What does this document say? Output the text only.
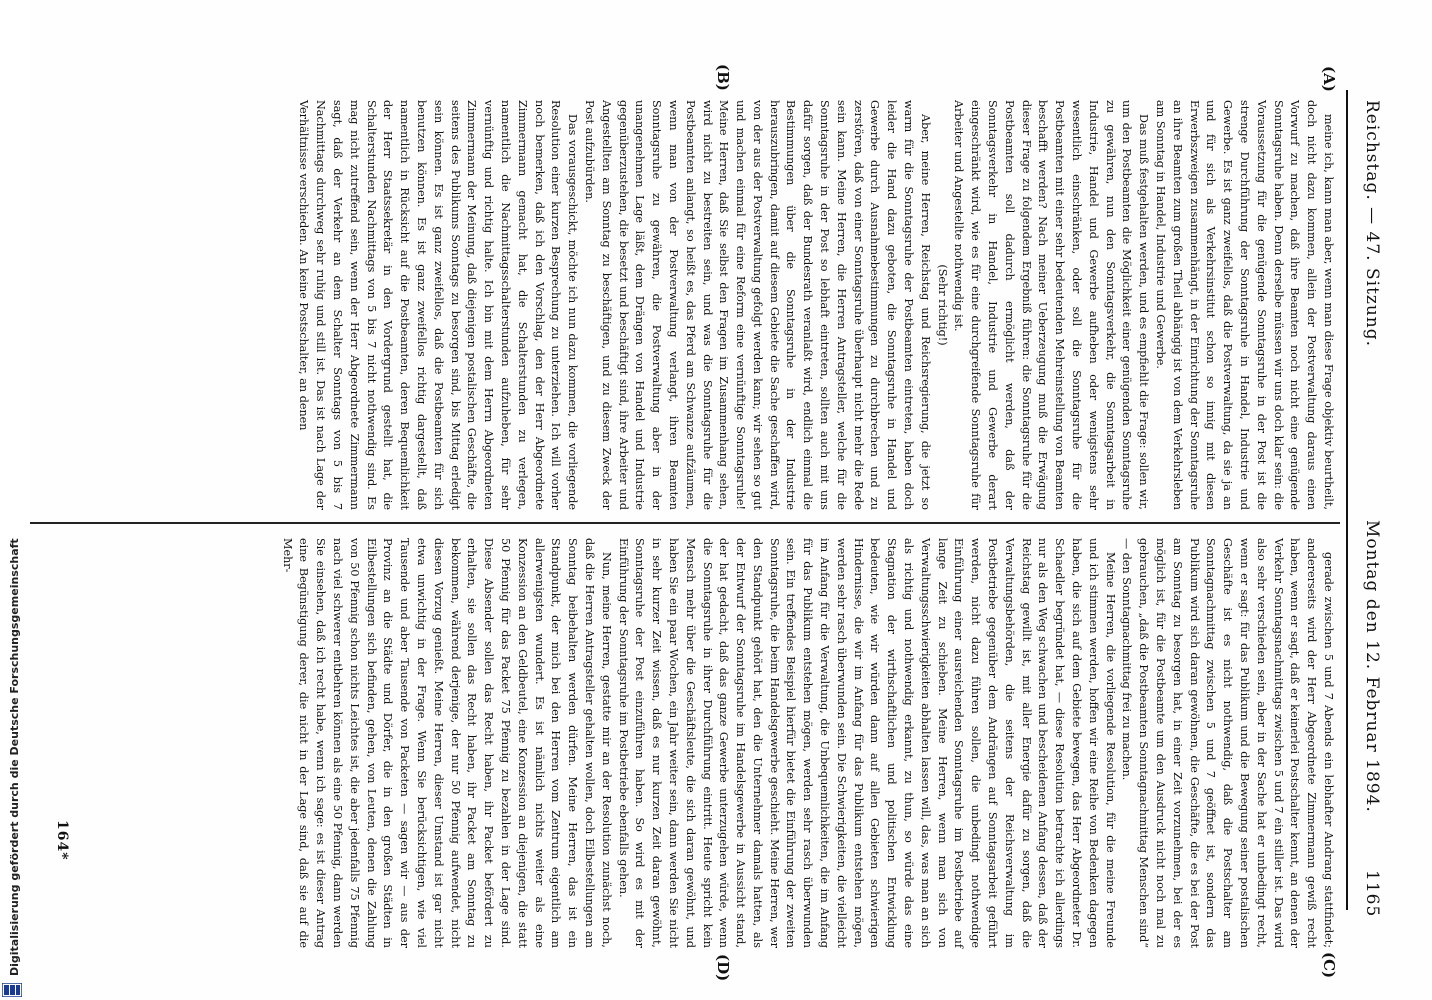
Reichstag. — 47. Sitzung.
Montag den 12. Februar 1894.
1165

meine ich, kann man aber, wenn man diese Frage objektiv beurtheilt, doch nicht dazu kommen, allein der Postverwaltung daraus einen Vorwurf zu machen, daß ihre Beamten noch nicht eine genügende Sonntagsruhe haben. Denn derselbe müssen wir uns doch klar sein: die Voraussetzung für die genügende Sonntagsruhe in der Post ist die strenge Durchführung der Sonntagsruhe in Handel, Industrie und Gewerbe. Es ist ganz zweifellos, daß die Postverwaltung, da sie ja an und für sich als Verkehrsinstitut schon so innig mit diesen Erwerbszweigen zusammenhängt, in der Einrichtung der Sonntagsruhe an ihre Beamten zum großen Theil abhängig ist von dem Verkehrsleben am Sonntag in Handel, Industrie und Gewerbe.

Das muß festgehalten werden, und es empfiehlt die Frage: sollen wir, um den Postbeamten die Möglichkeit einer genügenden Sonntagsruhe zu gewähren, nun den Sonntagsverkehr, die Sonntagsarbeit in Industrie, Handel und Gewerbe aufheben oder wenigstens sehr wesentlich einschränken, oder soll die Sonntagsruhe für die Postbeamten mit einer sehr bedeutenden Mehreinstellung von Beamten beschafft werden? Nach meiner Ueberzeugung muß die Erwägung dieser Frage zu folgendem Ergebniß führen: die Sonntagsruhe für die Postbeamten soll dadurch ermöglicht werden, daß der Sonntagsverkehr in Handel, Industrie und Gewerbe derart eingeschränkt wird, wie es für eine durchgreifende Sonntagsruhe für Arbeiter und Angestellte nothwendig ist.

(Sehr richtig!)

Aber, meine Herren, Reichstag und Reichsregierung, die jetzt so warm für die Sonntagsruhe der Postbeamten eintreten, haben doch leider die Hand dazu geboten, die Sonntagsruhe in Handel und Gewerbe durch Ausnahmebestimmungen zu durchbrechen und zu zerstören, daß von einer Sonntagsruhe überhaupt nicht mehr die Rede sein kann. Meine Herren, die Herren Antragsteller, welche für die Sonntagsruhe in der Post so lebhaft eintreten, sollten auch mit uns dafür sorgen, daß der Bundesrath veranlaßt wird, endlich einmal die Bestimmungen über die Sonntagsruhe in der Industrie herauszubringen, damit auf diesem Gebiete die Sache geschaffen wird, von der aus der Postverwaltung gefolgt werden kann; wir sehen so gut und machen einmal für eine Reform eine vernünftige Sonntagsruhe! Meine Herren, daß Sie selbst den Fragen im Zusammenhang sehen, wird nicht zu bestreiten sein, und was die Sonntagsruhe für die Postbeamten anlangt, so heißt es, das Pferd am Schwanze aufzäumen, wenn man von der Postverwaltung verlangt, ihren Beamten Sonntagsruhe zu gewähren, die Postverwaltung aber in der unangenehmen Lage läßt, dem Drängen von Handel und Industrie gegenüberzustehen, die besetzt und beschäftigt sind, ihre Arbeiter und Angestellten am Sonntag zu beschäftigen, und zu diesem Zweck der Post aufzubürden.

Das vorausgeschickt, möchte ich nun dazu kommen, die vorliegende Resolution einer kurzen Besprechung zu unterziehen. Ich will vorher noch bemerken, daß ich den Vorschlag, den der Herr Abgeordnete Zimmermann gemacht hat, die Schalterstunden zu verlegen, namentlich die Nachmittagsschalterstunden aufzuheben, für sehr vernünftig und richtig halte. Ich bin mit dem Herrn Abgeordneten Zimmermann der Meinung, daß diejenigen postalischen Geschäfte, die seitens des Publikums Sonntags zu besorgen sind, bis Mittag erledigt sein können. Es ist ganz zweifellos, daß die Postbeamten für sich benutzen können. Es ist ganz zweifellos richtig dargestellt, daß namentlich in Rücksicht auf die Postbeamten, deren Bequemlichkeit der Herr Staatssekretär in den Vordergrund gestellt hat, die Schalterstunden Nachmittags von 5 bis 7 nicht nothwendig sind. Es mag nicht zutreffend sein, wenn der Herr Abgeordnete Zimmermann sagt, daß der Verkehr an dem Schalter Sonntags von 5 bis 7 Nachmittags durchweg sehr ruhig und still ist. Das ist nach Lage der Verhältnisse verschieden. An keine Postschalter, an denen

gerade zwischen 5 und 7 Abends ein lebhafter Andrang stattfindet; andererseits wird der Herr Abgeordnete Zimmermann gewiß recht haben, wenn er sagt, daß er keinerlei Postschalter kennt, an denen der Verkehr Sonntagsnachmittags zwischen 5 und 7 ein stiller ist. Das wird also sehr verschieden sein, aber in der Sache hat er unbedingt recht, wenn er sagt: für das Publikum und die Bewegung seiner postalischen Geschäfte ist es nicht nothwendig, daß die Postschalter am Sonntagnachmittag zwischen 5 und 7 geöffnet ist, sondern das Publikum wird sich daran gewöhnen, die Geschäfte, die es bei der Post am Sonntag zu besorgen hat, in einer Zeit vorzunehmen, bei der es möglich ist, für die Postbeamte um den Ausdruck nicht noch mal zu gebrauchen, „daß die Postbeamten Sonntagnachmittag Menschen sind“ — den Sonntagnachmittag frei zu machen.

Meine Herren, die vorliegende Resolution, für die meine Freunde und ich stimmen werden, hoffen wir eine Reihe von Bedenken dagegen haben, die sich auf dem Gebiete bewegen, das Herr Abgeordneter Dr. Schaedler begründet hat, — diese Resolution betrachte ich allerdings nur als den Weg schwachen und bescheidenen Anfang dessen, daß der Reichstag gewillt ist, mit aller Energie dafür zu sorgen, daß die Verwaltungsbehörden, die seitens der Reichsverwaltung im Postbetriebe gegenüber dem Andrängen auf Sonntagsarbeit geführt werden, nicht dazu führen sollen, die unbedingt nothwendige Einführung einer ausreichenden Sonntagsruhe im Postbetriebe auf lange Zeit zu schieben. Meine Herren, wenn man sich von Verwaltungsschwierigkeiten abhalten lassen will, das, was man an sich als richtig und nothwendig erkannt, zu thun, so würde das eine Stagnation der wirthschaftlichen und politischen Entwicklung bedeuten, wie wir würden dann auf allen Gebieten schwierigen Hindernisse, die wir im Anfang für das Publikum entstehen mögen, werden sehr rasch überwunden sein. Die Schwierigkeiten, die vielleicht im Anfang für die Verwaltung, die Unbequemlichkeiten, die im Anfang für das Publikum entstehen mögen, werden sehr rasch überwunden sein. Ein treffendes Beispiel hierfür bietet die Einführung der zweiten Sonntagsruhe, die beim Handelsgewerbe geschieht. Meine Herren, wer den Standpunkt gehört hat, den die Unternehmer damals hatten, als der Entwurf der Sonntagsruhe im Handelsgewerbe in Aussicht stand, der hat gedacht, daß das ganze Gewerbe unterzugehen würde, wenn die Sonntagsruhe in ihrer Durchführung eintritt. Heute spricht kein Mensch mehr über die Geschäftsleute, die sich daran gewöhnt, und haben Sie ein paar Wochen, ein Jahr weiter sein, dann werden Sie nicht in sehr kurzer Zeit wissen, daß es nur kurzen Zeit daran gewöhnt, Sonntagsruhe der Post einzuführen haben. So wird es mit der Einführung der Sonntagsruhe im Postbetriebe ebenfalls gehen.

Nun, meine Herren, gestatte mir an der Resolution zunächst noch, daß die Herren Antragsteller gehalten wollen, doch Eilbestellungen am Sonntag beibehalten werden dürfen. Meine Herren, das ist ein Standpunkt, der mich bei den Herren vom Zentrum eigentlich am allerwenigsten wundert. Es ist nämlich nichts weiter als eine Konzession an den Geldbeutel, eine Konzession an diejenigen, die statt 50 Pfennig für das Packet 75 Pfennig zu bezahlen in der Lage sind. Diese Absender sollen das Recht haben, ihr Packet befördert zu erhalten, sie sollen das Recht haben, ihr Packet am Sonntag zu bekommen, während derjenige, der nur 50 Pfennig aufwendet, nicht diesen Vorzug genießt. Meine Herren, dieser Umstand ist gar nicht etwa unwichtig in der Frage. Wenn Sie berücksichtigen, wie viel Tausende und aber Tausende von Packeten — sagen wir — aus der Provinz an die Städte und Dörfer, die in den großen Städten in Eilbestellungen sich befinden, gehen, von Leuten, denen die Zahlung von 50 Pfennig schon nichts Leichtes ist, die aber jedenfalls 75 Pfennig nach viel schwerer entbehren können als eine 50 Pfennig, dann werden Sie einsehen, daß ich recht habe, wenn ich sage: es ist dieser Antrag eine Begünstigung derer, die nicht in der Lage sind, daß sie auf die Mehr-

(A)
(B)
(C)
(D)
164*
Digitalisierung gefördert durch die Deutsche Forschungsgemeinschaft
